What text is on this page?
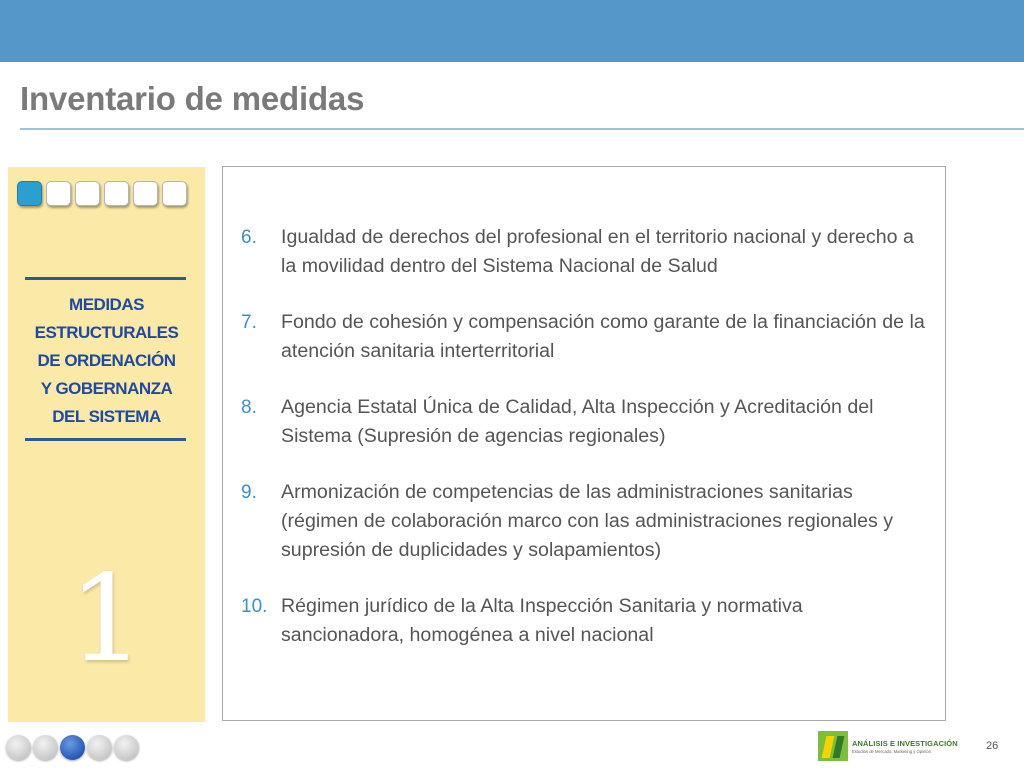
Inventario de medidas
MEDIDAS
ESTRUCTURALES
DE ORDENACIÓN
Y GOBERNANZA
DEL SISTEMA
1
6.	Igualdad de derechos del profesional en el territorio nacional y derecho a la movilidad dentro del Sistema Nacional de Salud
7.	Fondo de cohesión y compensación como garante de la financiación de la atención sanitaria interterritorial
8.	Agencia Estatal Única de Calidad, Alta Inspección y Acreditación del Sistema (Supresión de agencias regionales)
9.	Armonización de competencias de las administraciones sanitarias (régimen de colaboración marco con las administraciones regionales y supresión de duplicidades y solapamientos)
10. Régimen jurídico de la Alta Inspección Sanitaria y normativa sancionadora, homogénea a nivel nacional
ANÁLISIS E INVESTIGACIÓN
Estudios de Mercado, Marketing y Opinión	26
